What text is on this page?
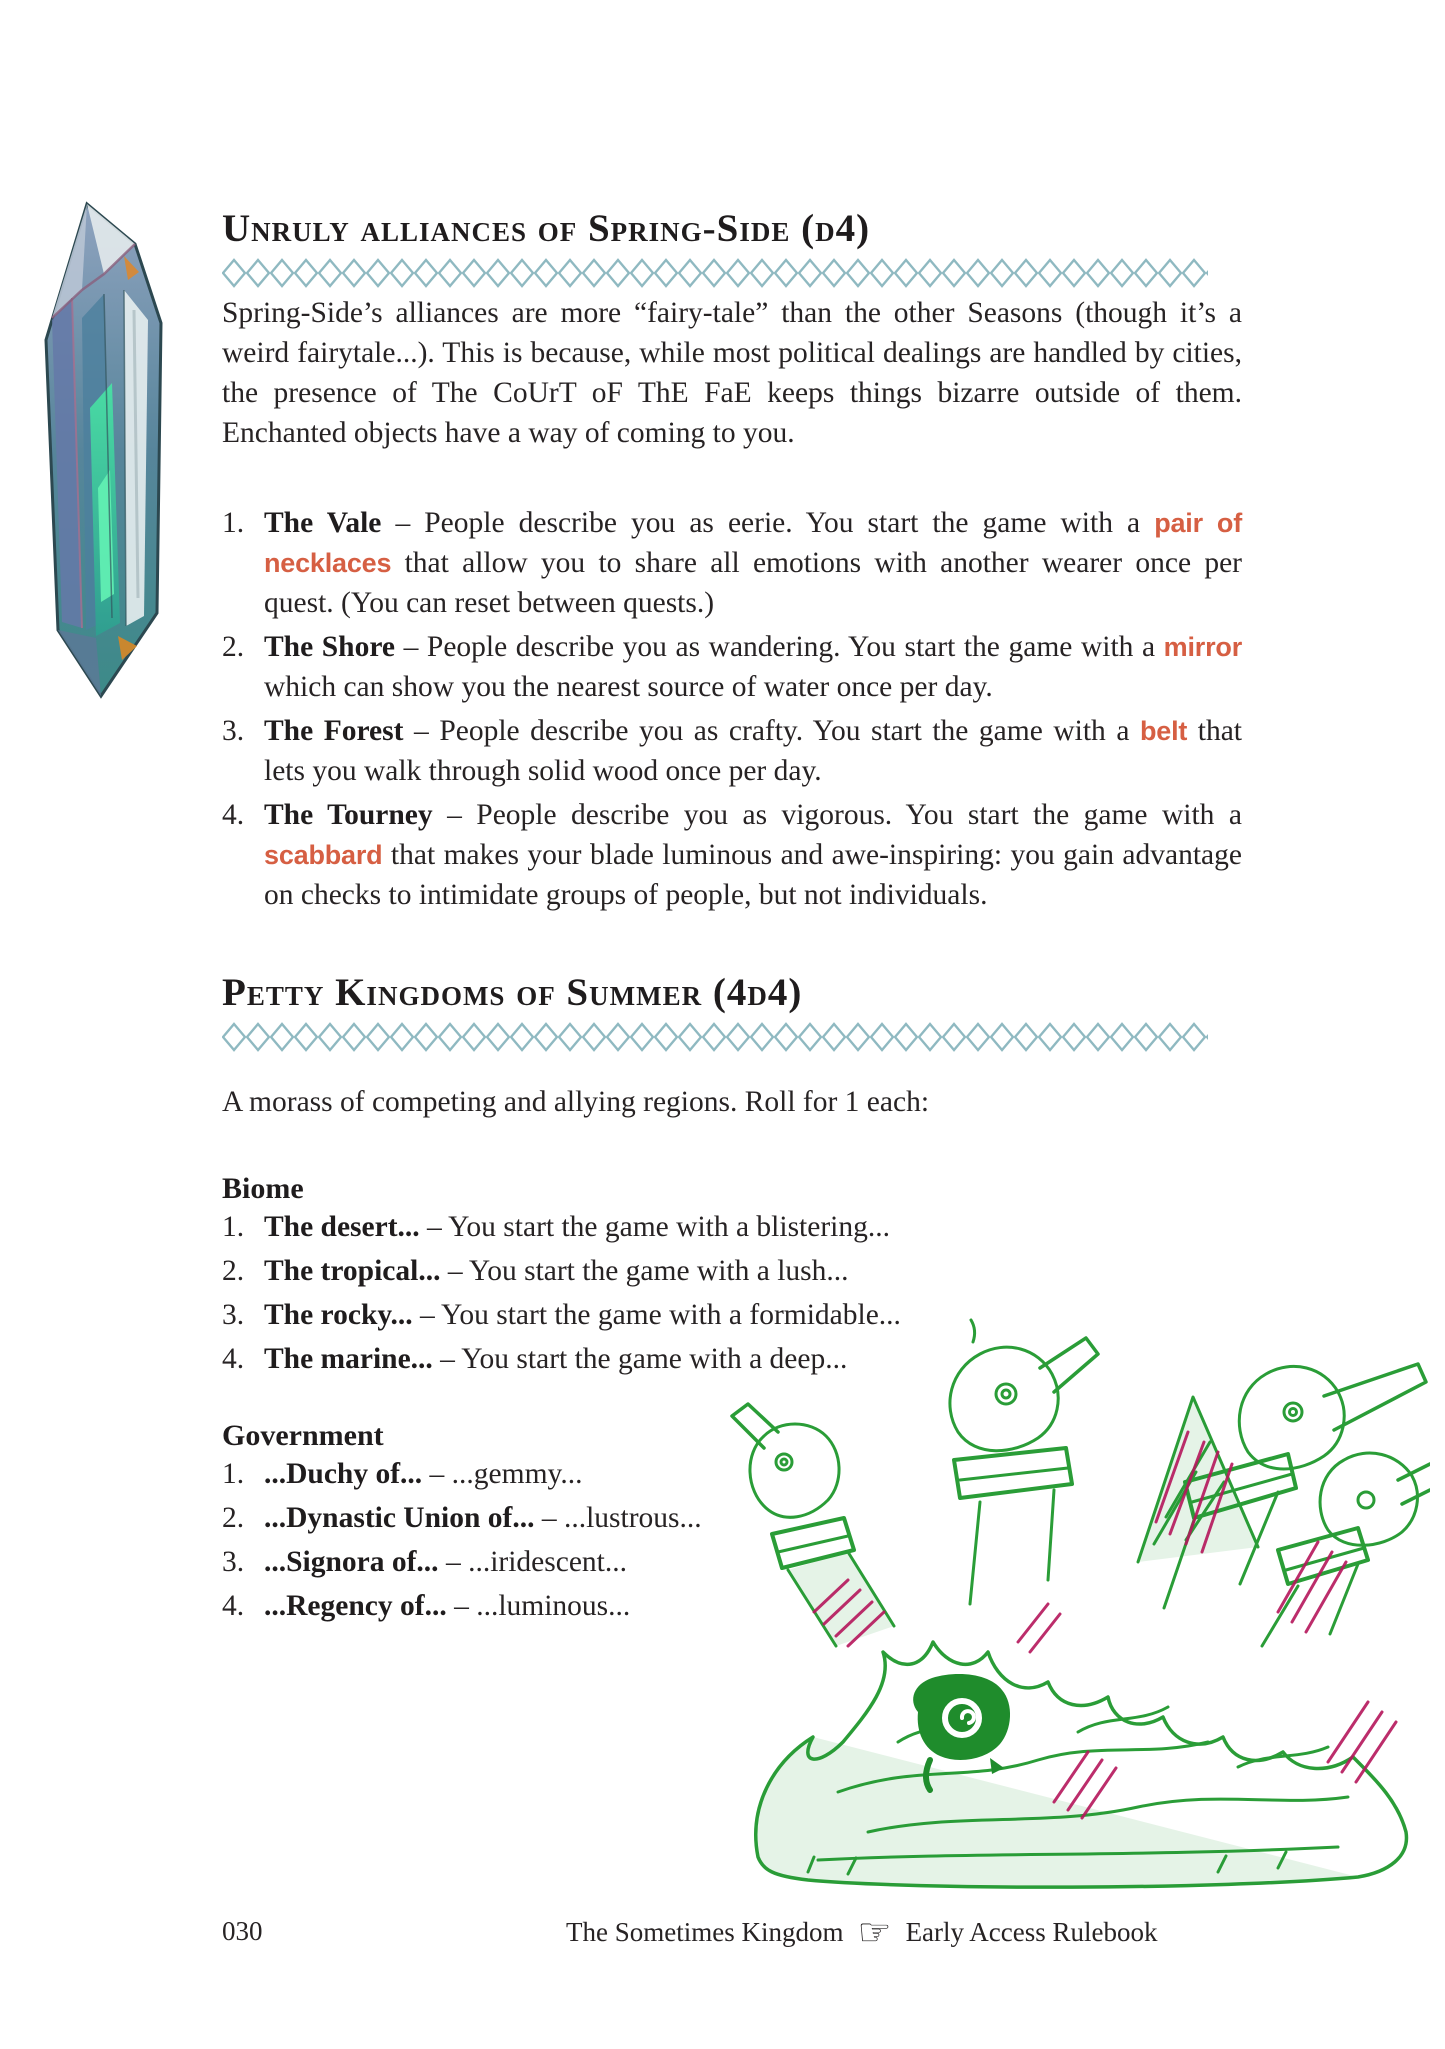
Unruly alliances of Spring-Side (d4)

Spring-Side’s alliances are more “fairy-tale” than the other Seasons (though it’s a weird fairytale...). This is because, while most political dealings are handled by cities, the presence of The CoUrT oF ThE FaE keeps things bizarre outside of them. Enchanted objects have a way of coming to you.

1. The Vale – People describe you as eerie. You start the game with a pair of necklaces that allow you to share all emotions with another wearer once per quest. (You can reset between quests.)
2. The Shore – People describe you as wandering. You start the game with a mirror which can show you the nearest source of water once per day.
3. The Forest – People describe you as crafty. You start the game with a belt that lets you walk through solid wood once per day.
4. The Tourney – People describe you as vigorous. You start the game with a scabbard that makes your blade luminous and awe-inspiring: you gain advantage on checks to intimidate groups of people, but not individuals.
Petty Kingdoms of Summer (4d4)

A morass of competing and allying regions. Roll for 1 each:

Biome

1. The desert... – You start the game with a blistering...
2. The tropical... – You start the game with a lush...
3. The rocky... – You start the game with a formidable...
4. The marine... – You start the game with a deep...

Government

1. ...Duchy of... – ...gemmy...
2. ...Dynastic Union of... – ...lustrous...
3. ...Signora of... – ...iridescent...
4. ...Regency of... – ...luminous...
030	The Sometimes Kingdom ☞ Early Access Rulebook
